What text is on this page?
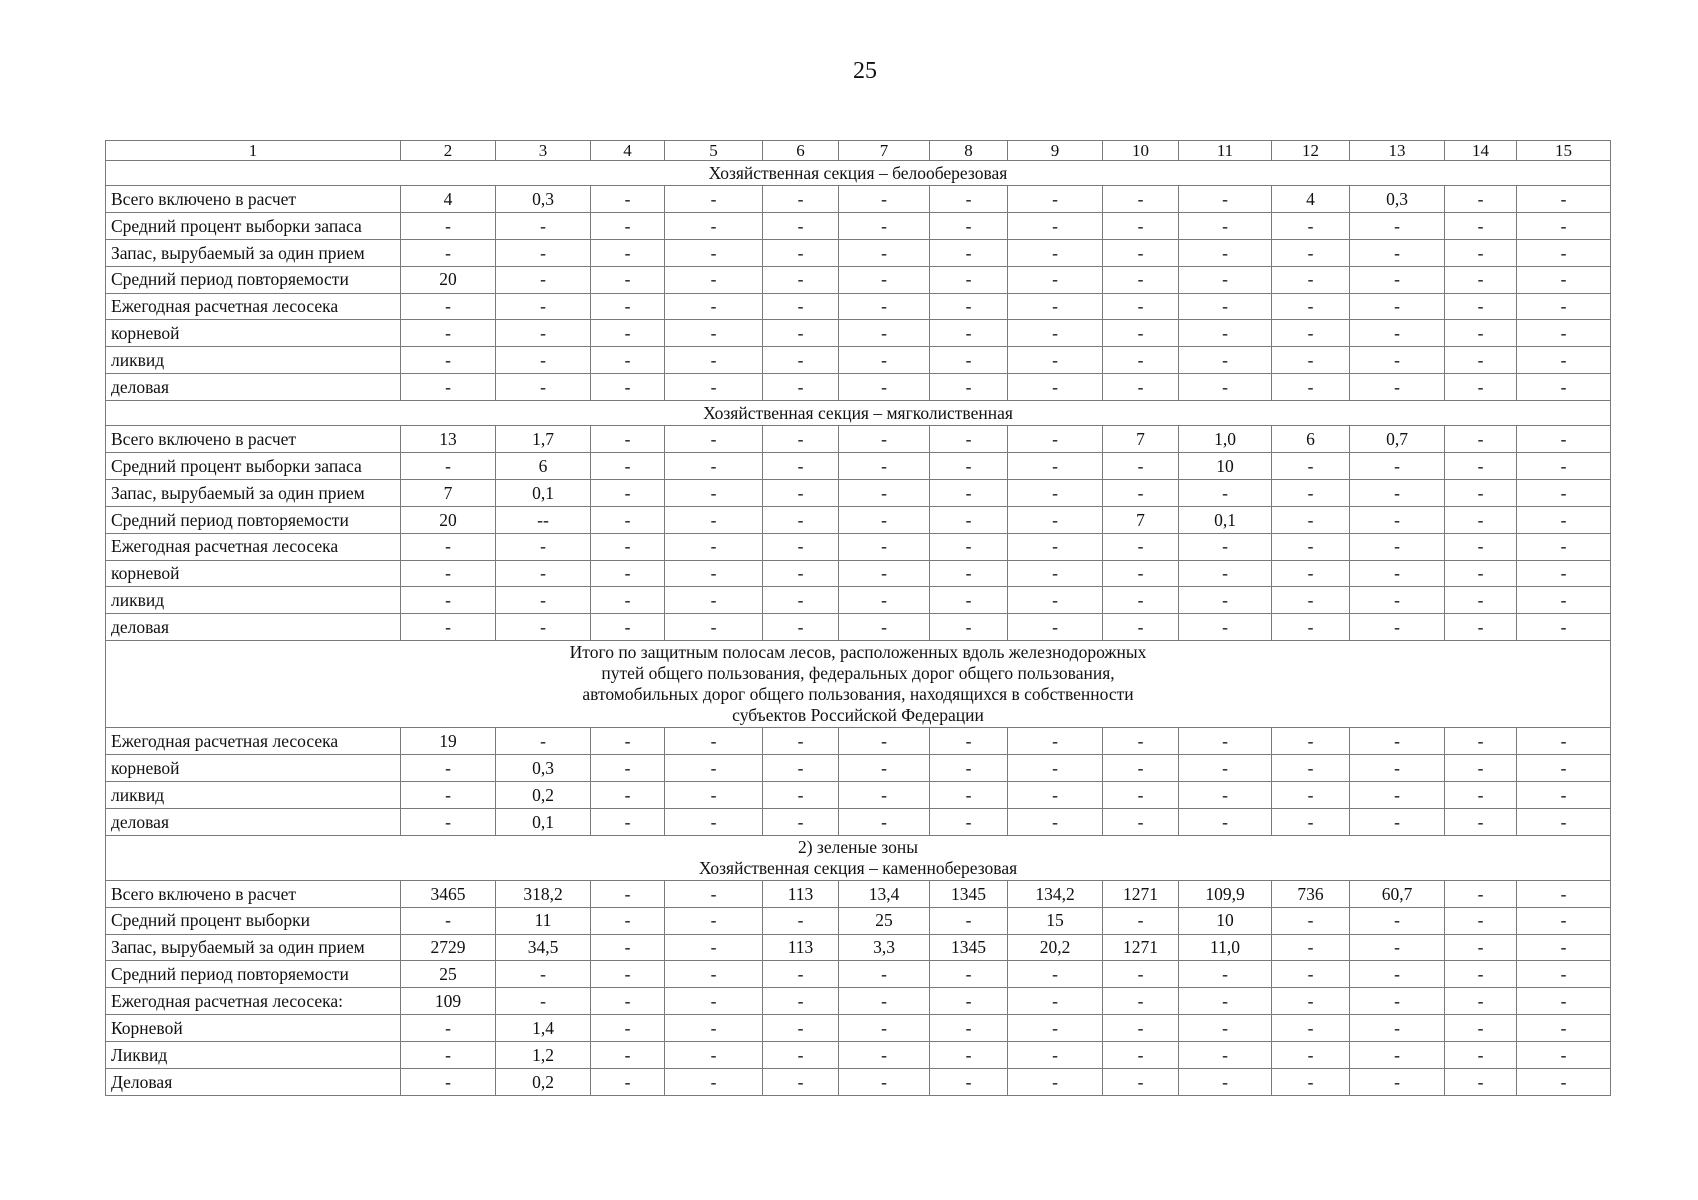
25
1	2	3	4	5	6	7	8	9	10	11	12	13	14	15

Хозяйственная секция – белооберезовая														

Всего включено в расчет	4	0,3	-	-	-	-	-	-	-	-	4	0,3	-	-
Средний процент выборки запаса	-	-	-	-	-	-	-	-	-	-	-	-	-	-
Запас, вырубаемый за один прием	-	-	-	-	-	-	-	-	-	-	-	-	-	-
Средний период повторяемости	20	-	-	-	-	-	-	-	-	-	-	-	-	-
Ежегодная расчетная лесосека	-	-	-	-	-	-	-	-	-	-	-	-	-	-
корневой	-	-	-	-	-	-	-	-	-	-	-	-	-	-
ликвид	-	-	-	-	-	-	-	-	-	-	-	-	-	-
деловая	-	-	-	-	-	-	-	-	-	-	-	-	-	-

Хозяйственная секция – мягколиственная														

Всего включено в расчет	13	1,7	-	-	-	-	-	-	7	1,0	6	0,7	-	-
Средний процент выборки запаса	-	6	-	-	-	-	-	-	-	10	-	-	-	-
Запас, вырубаемый за один прием	7	0,1	-	-	-	-	-	-	-	-	-	-	-	-
Средний период повторяемости	20	--	-	-	-	-	-	-	7	0,1	-	-	-	-
Ежегодная расчетная лесосека	-	-	-	-	-	-	-	-	-	-	-	-	-	-
корневой	-	-	-	-	-	-	-	-	-	-	-	-	-	-
ликвид	-	-	-	-	-	-	-	-	-	-	-	-	-	-
деловая	-	-	-	-	-	-	-	-	-	-	-	-	-	-

Итого по защитным полосам лесов, расположенных вдоль железнодорожных
путей общего пользования, федеральных дорог общего пользования,
автомобильных дорог общего пользования, находящихся в собственности
субъектов Российской Федерации														

Ежегодная расчетная лесосека	19	-	-	-	-	-	-	-	-	-	-	-	-	-
корневой	-	0,3	-	-	-	-	-	-	-	-	-	-	-	-
ликвид	-	0,2	-	-	-	-	-	-	-	-	-	-	-	-
деловая	-	0,1	-	-	-	-	-	-	-	-	-	-	-	-

2) зеленые зоны
Хозяйственная секция – каменноберезовая														

Всего включено в расчет	3465	318,2	-	-	113	13,4	1345	134,2	1271	109,9	736	60,7	-	-
Средний процент выборки	-	11	-	-	-	25	-	15	-	10	-	-	-	-
Запас, вырубаемый за один прием	2729	34,5	-	-	113	3,3	1345	20,2	1271	11,0	-	-	-	-
Средний период повторяемости	25	-	-	-	-	-	-	-	-	-	-	-	-	-
Ежегодная расчетная лесосека:	109	-	-	-	-	-	-	-	-	-	-	-	-	-
Корневой	-	1,4	-	-	-	-	-	-	-	-	-	-	-	-
Ликвид	-	1,2	-	-	-	-	-	-	-	-	-	-	-	-
Деловая	-	0,2	-	-	-	-	-	-	-	-	-	-	-	-
